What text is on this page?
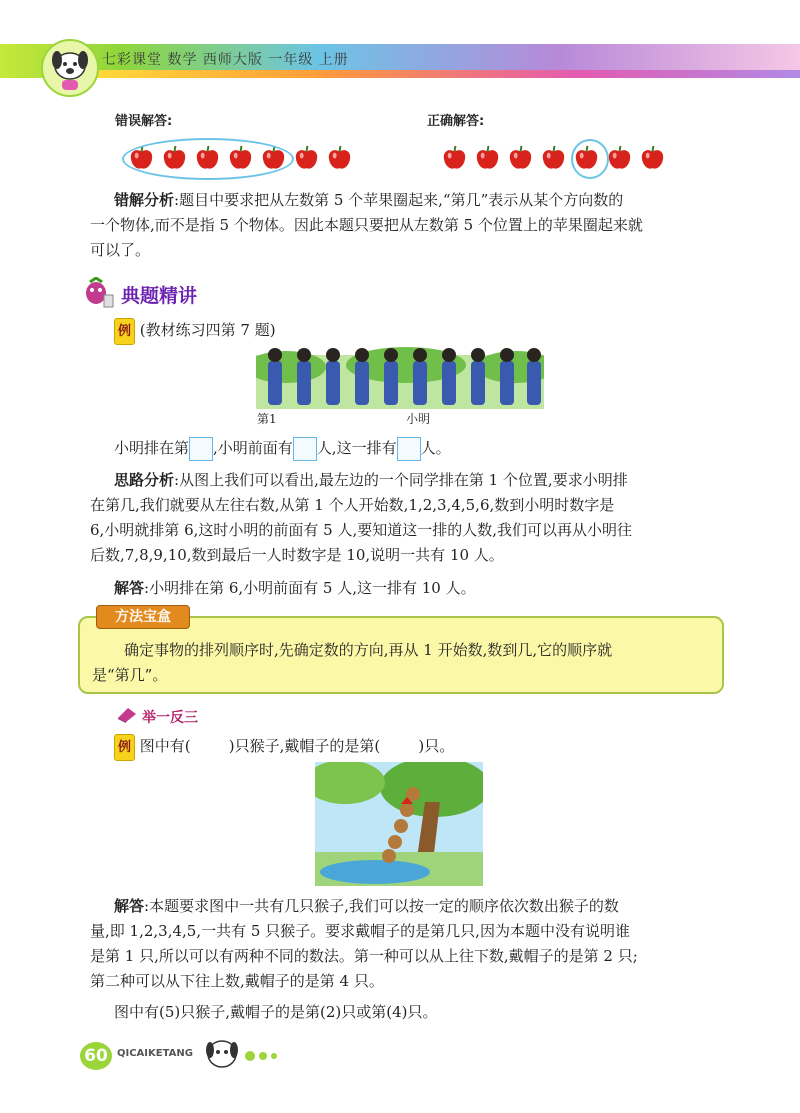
七彩课堂 数学 西师大版 一年级 上册
错误解答:	正确解答:
错解分析:题目中要求把从左数第 5 个苹果圈起来,“第几”表示从某个方向数的
一个物体,而不是指 5 个物体。因此本题只要把从左数第 5 个位置上的苹果圈起来就
可以了。
典题精讲
例 (教材练习四第 7 题)
第1	小明
小明排在第 ,小明前面有 人,这一排有 人。
思路分析:从图上我们可以看出,最左边的一个同学排在第 1 个位置,要求小明排
在第几,我们就要从左往右数,从第 1 个人开始数,1,2,3,4,5,6,数到小明时数字是
6,小明就排第 6,这时小明的前面有 5 人,要知道这一排的人数,我们可以再从小明往
后数,7,8,9,10,数到最后一人时数字是 10,说明一共有 10 人。
解答:小明排在第 6,小明前面有 5 人,这一排有 10 人。
方法宝盒
确定事物的排列顺序时,先确定数的方向,再从 1 开始数,数到几,它的顺序就
是“第几”。
举一反三
例 图中有(        )只猴子,戴帽子的是第(        )只。
解答:本题要求图中一共有几只猴子,我们可以按一定的顺序依次数出猴子的数
量,即 1,2,3,4,5,一共有 5 只猴子。要求戴帽子的是第几只,因为本题中没有说明谁
是第 1 只,所以可以有两种不同的数法。第一种可以从上往下数,戴帽子的是第 2 只;
第二种可以从下往上数,戴帽子的是第 4 只。
图中有(5)只猴子,戴帽子的是第(2)只或第(4)只。
60 QICAIKETANG
